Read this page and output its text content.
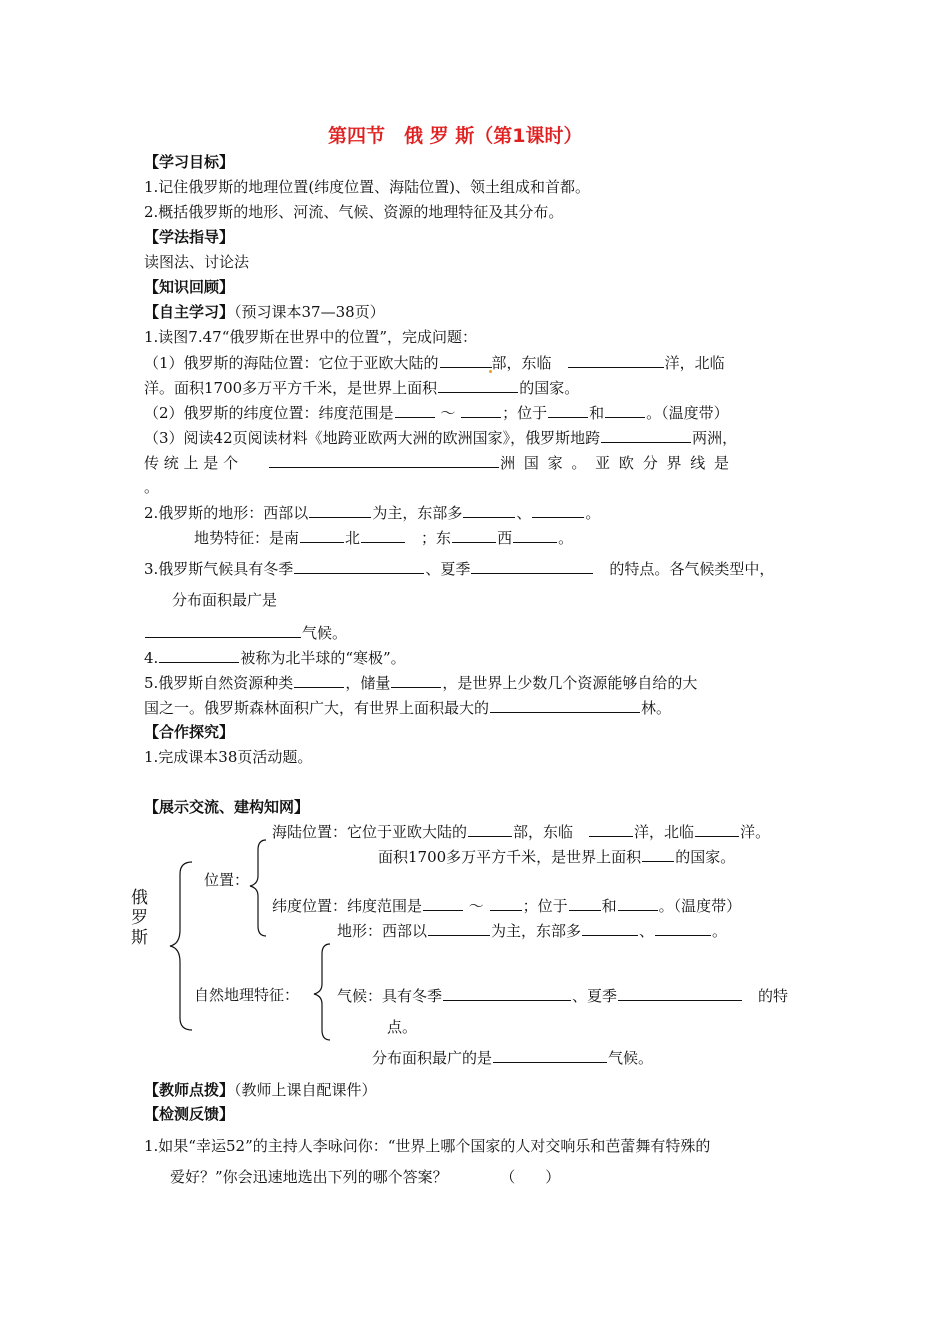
第四节　俄 罗 斯（第1课时）
【学习目标】
1.记住俄罗斯的地理位置(纬度位置、海陆位置)、领土组成和首都。
2.概括俄罗斯的地形、河流、气候、资源的地理特征及其分布。
【学法指导】
读图法、讨论法
【知识回顾】
【自主学习】（预习课本37—38页）
1.读图7.47“俄罗斯在世界中的位置”，完成问题：
（1）俄罗斯的海陆位置：它位于亚欧大陆的	部，东临　	洋，北临
洋。面积1700多万平方千米，是世界上面积	的国家。
（2）俄罗斯的纬度位置：纬度范围是	～	；位于	和	。（温度带）
（3）阅读42页阅读材料《地跨亚欧两大洲的欧洲国家》，俄罗斯地跨	两洲，
传 统 上 是 个　　	洲 国 家 。 亚 欧 分 界 线 是
。
2.俄罗斯的地形：西部以	为主，东部多	、	。
地势特征：是南	北　	；东	西	。
3.俄罗斯气候具有冬季	、夏季　	的特点。各气候类型中，
分布面积最广是
气候。
4.	被称为北半球的“寒极”。
5.俄罗斯自然资源种类	，储量	，是世界上少数几个资源能够自给的大
国之一。俄罗斯森林面积广大，有世界上面积最大的	林。
【合作探究】
1.完成课本38页活动题。
【展示交流、建构知网】
俄
罗
斯
位置：
自然地理特征：
海陆位置：它位于亚欧大陆的	部，东临　	洋，北临	洋。
面积1700多万平方千米，是世界上面积 的国家。
纬度位置：纬度范围是	～	；位于 和	。（温度带）
地形：西部以	为主，东部多	、	。
气候：具有冬季	、夏季　	的特
点。
分布面积最广的是	气候。
【教师点拨】（教师上课自配课件）
【检测反馈】
1.如果“幸运52”的主持人李咏问你：“世界上哪个国家的人对交响乐和芭蕾舞有特殊的
爱好？”你会迅速地选出下列的哪个答案？　　　　	（　　）
